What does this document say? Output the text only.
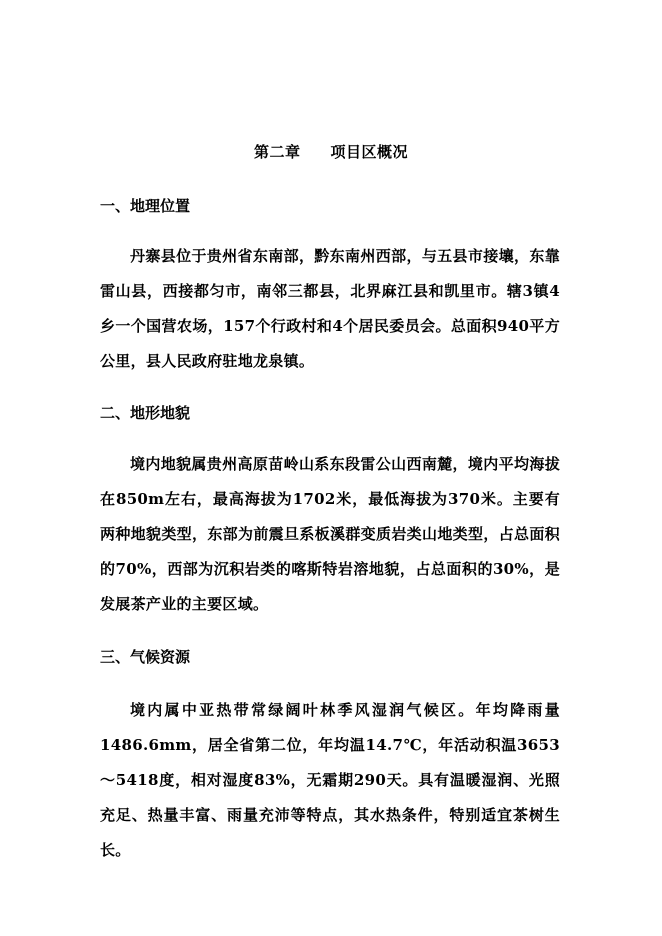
第二章 项目区概况
一、地理位置

丹寨县位于贵州省东南部，黔东南州西部，与五县市接壤，东靠雷山县，西接都匀市，南邻三都县，北界麻江县和凯里市。辖3镇4乡一个国营农场，157个行政村和4个居民委员会。总面积940平方公里，县人民政府驻地龙泉镇。

二、地形地貌

境内地貌属贵州高原苗岭山系东段雷公山西南麓，境内平均海拔在850m左右，最高海拔为1702米，最低海拔为370米。主要有两种地貌类型，东部为前震旦系板溪群变质岩类山地类型，占总面积的70%，西部为沉积岩类的喀斯特岩溶地貌，占总面积的30%，是发展茶产业的主要区域。

三、气候资源

境内属中亚热带常绿阔叶林季风湿润气候区。年均降雨量1486.6mm，居全省第二位，年均温14.7℃，年活动积温3653～5418度，相对湿度83%，无霜期290天。具有温暖湿润、光照充足、热量丰富、雨量充沛等特点，其水热条件，特别适宜茶树生长。
